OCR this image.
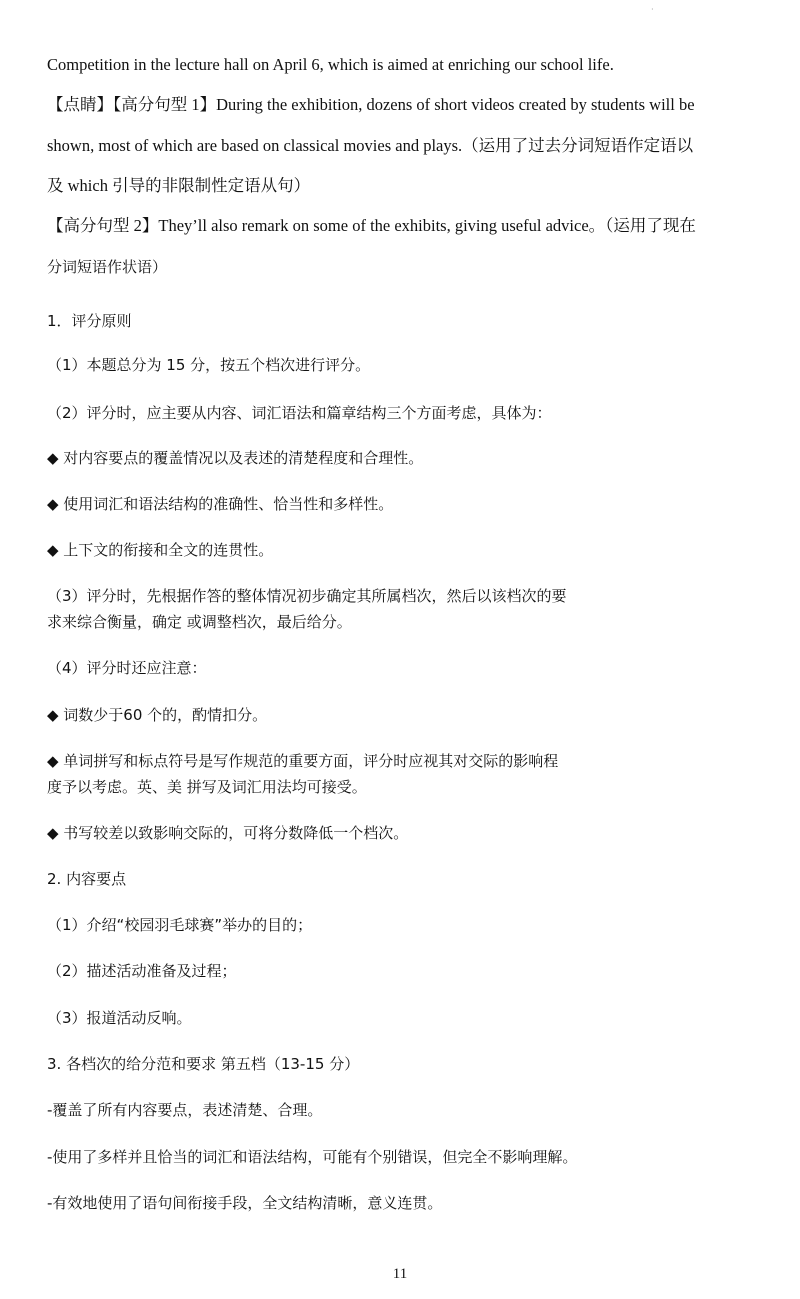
·
Competition in the lecture hall on April 6, which is aimed at enriching our school life.
【点睛】【高分句型 1】During the exhibition, dozens of short videos created by students will be
shown, most of which are based on classical movies and plays.（运用了过去分词短语作定语以
及 which 引导的非限制性定语从句）
【高分句型 2】They’ll also remark on some of the exhibits, giving useful advice。（运用了现在
分词短语作状语）
1．评分原则
（1）本题总分为 15 分，按五个档次进行评分。
（2）评分时，应主要从内容、词汇语法和篇章结构三个方面考虑，具体为：
◆ 对内容要点的覆盖情况以及表述的清楚程度和合理性。
◆ 使用词汇和语法结构的准确性、恰当性和多样性。
◆ 上下文的衔接和全文的连贯性。
（3）评分时，先根据作答的整体情况初步确定其所属档次，然后以该档次的要
求来综合衡量，确定 或调整档次，最后给分。
（4）评分时还应注意：
◆ 词数少于60 个的，酌情扣分。
◆ 单词拼写和标点符号是写作规范的重要方面，评分时应视其对交际的影响程
度予以考虑。英、美 拼写及词汇用法均可接受。
◆ 书写较差以致影响交际的，可将分数降低一个档次。
2. 内容要点
（1）介绍“校园羽毛球赛”举办的目的；
（2）描述活动准备及过程；
（3）报道活动反响。
3. 各档次的给分范和要求 第五档（13-15 分）
-覆盖了所有内容要点，表述清楚、合理。
-使用了多样并且恰当的词汇和语法结构，可能有个别错误，但完全不影响理解。
-有效地使用了语句间衔接手段，全文结构清晰，意义连贯。
11
